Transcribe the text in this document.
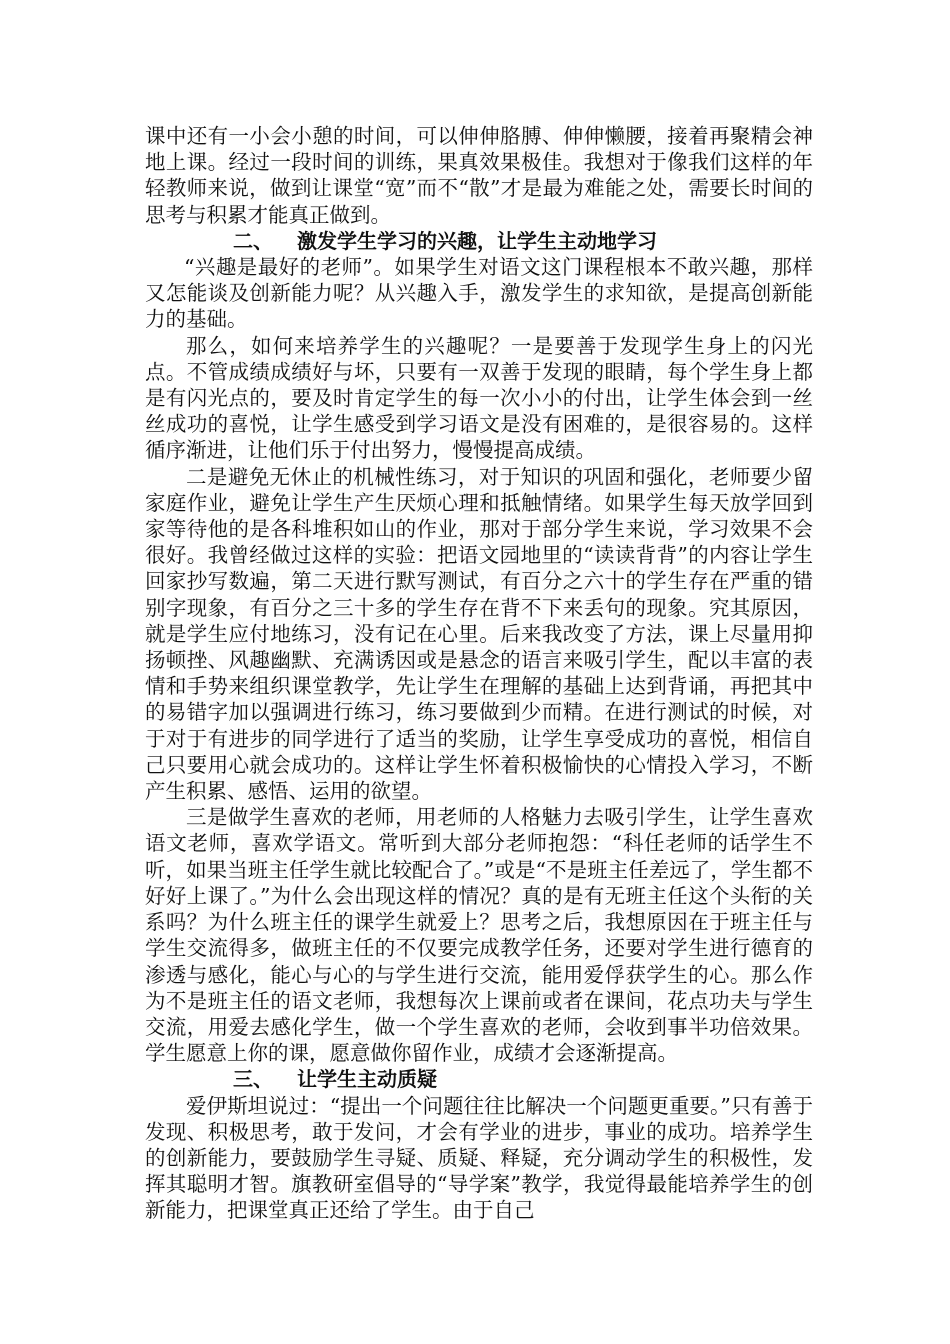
课中还有一小会小憩的时间，可以伸伸胳膊、伸伸懒腰，接着再聚精会神地上课。经过一段时间的训练，果真效果极佳。我想对于像我们这样的年轻教师来说，做到让课堂“宽”而不“散”才是最为难能之处，需要长时间的思考与积累才能真正做到。

二、 激发学生学习的兴趣，让学生主动地学习

“兴趣是最好的老师”。如果学生对语文这门课程根本不敢兴趣，那样又怎能谈及创新能力呢？从兴趣入手，激发学生的求知欲，是提高创新能力的基础。

那么，如何来培养学生的兴趣呢？一是要善于发现学生身上的闪光点。不管成绩成绩好与坏，只要有一双善于发现的眼睛，每个学生身上都是有闪光点的，要及时肯定学生的每一次小小的付出，让学生体会到一丝丝成功的喜悦，让学生感受到学习语文是没有困难的，是很容易的。这样循序渐进，让他们乐于付出努力，慢慢提高成绩。

二是避免无休止的机械性练习，对于知识的巩固和强化，老师要少留家庭作业，避免让学生产生厌烦心理和抵触情绪。如果学生每天放学回到家等待他的是各科堆积如山的作业，那对于部分学生来说，学习效果不会很好。我曾经做过这样的实验：把语文园地里的“读读背背”的内容让学生回家抄写数遍，第二天进行默写测试，有百分之六十的学生存在严重的错别字现象，有百分之三十多的学生存在背不下来丢句的现象。究其原因，就是学生应付地练习，没有记在心里。后来我改变了方法，课上尽量用抑扬顿挫、风趣幽默、充满诱因或是悬念的语言来吸引学生，配以丰富的表情和手势来组织课堂教学，先让学生在理解的基础上达到背诵，再把其中的易错字加以强调进行练习，练习要做到少而精。在进行测试的时候，对于对于有进步的同学进行了适当的奖励，让学生享受成功的喜悦，相信自己只要用心就会成功的。这样让学生怀着积极愉快的心情投入学习，不断产生积累、感悟、运用的欲望。

三是做学生喜欢的老师，用老师的人格魅力去吸引学生，让学生喜欢语文老师，喜欢学语文。常听到大部分老师抱怨：“科任老师的话学生不听，如果当班主任学生就比较配合了。”或是“不是班主任差远了，学生都不好好上课了。”为什么会出现这样的情况？真的是有无班主任这个头衔的关系吗？为什么班主任的课学生就爱上？思考之后，我想原因在于班主任与学生交流得多，做班主任的不仅要完成教学任务，还要对学生进行德育的渗透与感化，能心与心的与学生进行交流，能用爱俘获学生的心。那么作为不是班主任的语文老师，我想每次上课前或者在课间，花点功夫与学生交流，用爱去感化学生，做一个学生喜欢的老师，会收到事半功倍效果。学生愿意上你的课，愿意做你留作业，成绩才会逐渐提高。

三、 让学生主动质疑

爱伊斯坦说过：“提出一个问题往往比解决一个问题更重要。”只有善于发现、积极思考，敢于发问，才会有学业的进步，事业的成功。培养学生的创新能力，要鼓励学生寻疑、质疑、释疑，充分调动学生的积极性，发挥其聪明才智。旗教研室倡导的“导学案”教学，我觉得最能培养学生的创新能力，把课堂真正还给了学生。由于自己
